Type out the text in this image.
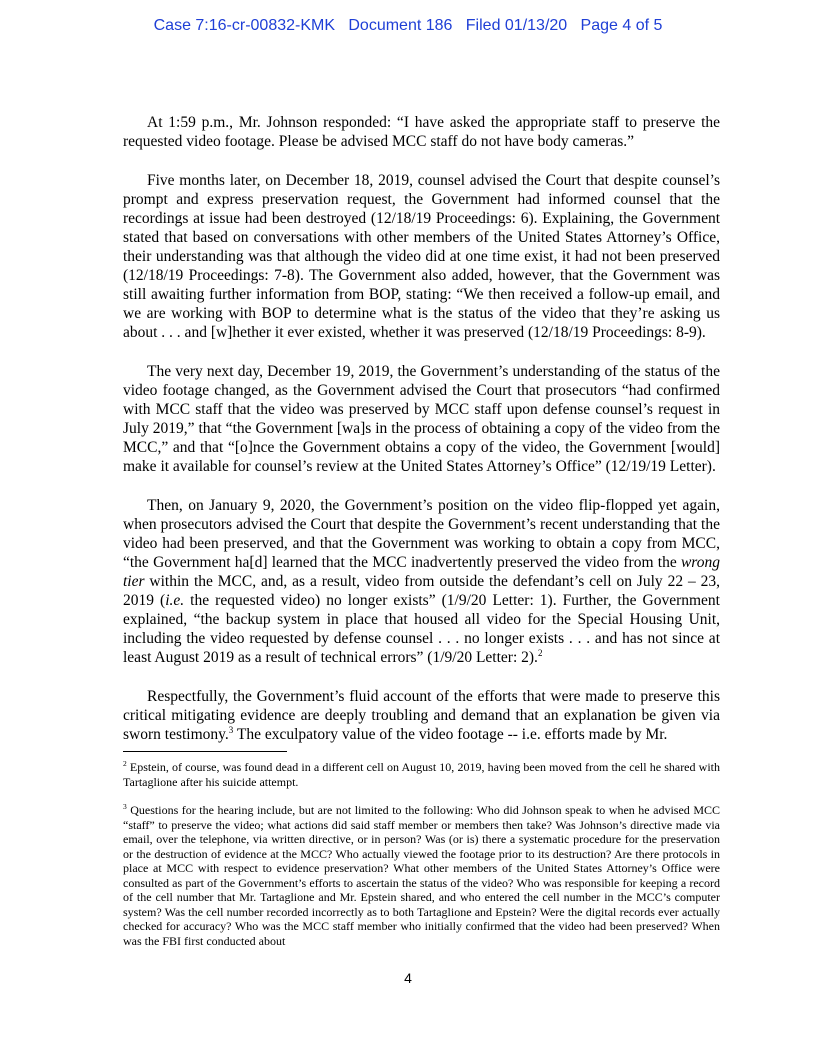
Case 7:16-cr-00832-KMK Document 186 Filed 01/13/20 Page 4 of 5

At 1:59 p.m., Mr. Johnson responded: “I have asked the appropriate staff to preserve the requested video footage. Please be advised MCC staff do not have body cameras.”

Five months later, on December 18, 2019, counsel advised the Court that despite counsel’s prompt and express preservation request, the Government had informed counsel that the recordings at issue had been destroyed (12/18/19 Proceedings: 6). Explaining, the Government stated that based on conversations with other members of the United States Attorney’s Office, their understanding was that although the video did at one time exist, it had not been preserved (12/18/19 Proceedings: 7-8). The Government also added, however, that the Government was still awaiting further information from BOP, stating: “We then received a follow-up email, and we are working with BOP to determine what is the status of the video that they’re asking us about . . . and [w]hether it ever existed, whether it was preserved (12/18/19 Proceedings: 8-9).

The very next day, December 19, 2019, the Government’s understanding of the status of the video footage changed, as the Government advised the Court that prosecutors “had confirmed with MCC staff that the video was preserved by MCC staff upon defense counsel’s request in July 2019,” that “the Government [wa]s in the process of obtaining a copy of the video from the MCC,” and that “[o]nce the Government obtains a copy of the video, the Government [would] make it available for counsel’s review at the United States Attorney’s Office” (12/19/19 Letter).

Then, on January 9, 2020, the Government’s position on the video flip-flopped yet again, when prosecutors advised the Court that despite the Government’s recent understanding that the video had been preserved, and that the Government was working to obtain a copy from MCC, “the Government ha[d] learned that the MCC inadvertently preserved the video from the wrong tier within the MCC, and, as a result, video from outside the defendant’s cell on July 22 – 23, 2019 (i.e. the requested video) no longer exists” (1/9/20 Letter: 1). Further, the Government explained, “the backup system in place that housed all video for the Special Housing Unit, including the video requested by defense counsel . . . no longer exists . . . and has not since at least August 2019 as a result of technical errors” (1/9/20 Letter: 2).$^2$

Respectfully, the Government’s fluid account of the efforts that were made to preserve this critical mitigating evidence are deeply troubling and demand that an explanation be given via sworn testimony.$^3$ The exculpatory value of the video footage -- i.e. efforts made by Mr.

$^2$ Epstein, of course, was found dead in a different cell on August 10, 2019, having been moved from the cell he shared with Tartaglione after his suicide attempt.

$^3$ Questions for the hearing include, but are not limited to the following: Who did Johnson speak to when he advised MCC “staff” to preserve the video; what actions did said staff member or members then take? Was Johnson’s directive made via email, over the telephone, via written directive, or in person? Was (or is) there a systematic procedure for the preservation or the destruction of evidence at the MCC? Who actually viewed the footage prior to its destruction? Are there protocols in place at MCC with respect to evidence preservation? What other members of the United States Attorney’s Office were consulted as part of the Government’s efforts to ascertain the status of the video? Who was responsible for keeping a record of the cell number that Mr. Tartaglione and Mr. Epstein shared, and who entered the cell number in the MCC’s computer system? Was the cell number recorded incorrectly as to both Tartaglione and Epstein? Were the digital records ever actually checked for accuracy? Who was the MCC staff member who initially confirmed that the video had been preserved? When was the FBI first conducted about

4
